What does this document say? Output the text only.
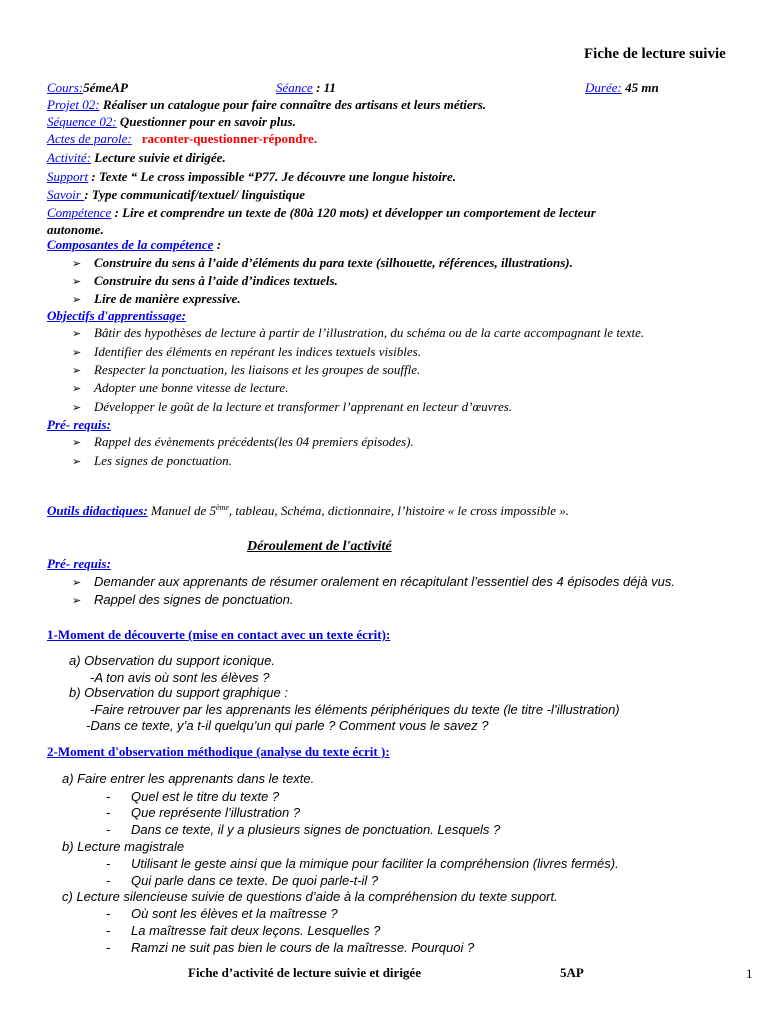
Fiche de lecture suivie
Cours:5émeAP	Séance : 11	Durée: 45 mn
Projet 02: Réaliser un catalogue pour faire connaître des artisans et leurs métiers.
Séquence 02: Questionner pour en savoir plus.
Actes de parole: raconter-questionner-répondre.
Activité: Lecture suivie et dirigée.
Support : Texte “ Le cross impossible “P77. Je découvre une longue histoire.
Savoir : Type communicatif/textuel/ linguistique
Compétence : Lire et comprendre un texte de (80à 120 mots) et développer un comportement de lecteur
autonome.
Composantes de la compétence :
➢ Construire du sens à l’aide d’éléments du para texte (silhouette, références, illustrations).
➢ Construire du sens à l’aide d’indices textuels.
➢ Lire de manière expressive.
Objectifs d'apprentissage:
➢ Bâtir des hypothèses de lecture à partir de l’illustration, du schéma ou de la carte accompagnant le texte.
➢ Identifier des éléments en repérant les indices textuels visibles.
➢ Respecter la ponctuation, les liaisons et les groupes de souffle.
➢ Adopter une bonne vitesse de lecture.
➢ Développer le goût de la lecture et transformer l’apprenant en lecteur d’œuvres.
Pré- requis:
➢ Rappel des évènements précédents(les 04 premiers épisodes).
➢ Les signes de ponctuation.
Outils didactiques: Manuel de 5ème, tableau, Schéma, dictionnaire, l’histoire « le cross impossible ».
Déroulement de l'activité
Pré- requis:
➢ Demander aux apprenants de résumer oralement en récapitulant l’essentiel des 4 épisodes déjà vus.
➢ Rappel des signes de ponctuation.
1-Moment de découverte (mise en contact avec un texte écrit):
a) Observation du support iconique.
-A ton avis où sont les élèves ?
b) Observation du support graphique :
-Faire retrouver par les apprenants les éléments périphériques du texte (le titre -l’illustration)
-Dans ce texte, y’a t-il quelqu’un qui parle ? Comment vous le savez ?
2-Moment d'observation méthodique (analyse du texte écrit ):
a) Faire entrer les apprenants dans le texte.
- Quel est le titre du texte ?
- Que représente l’illustration ?
- Dans ce texte, il y a plusieurs signes de ponctuation. Lesquels ?
b) Lecture magistrale
- Utilisant le geste ainsi que la mimique pour faciliter la compréhension (livres fermés).
- Qui parle dans ce texte. De quoi parle-t-il ?
c) Lecture silencieuse suivie de questions d’aide à la compréhension du texte support.
- Où sont les élèves et la maîtresse ?
- La maîtresse fait deux leçons. Lesquelles ?
- Ramzi ne suit pas bien le cours de la maîtresse. Pourquoi ?
Fiche d’activité de lecture suivie et dirigée	5AP	1
